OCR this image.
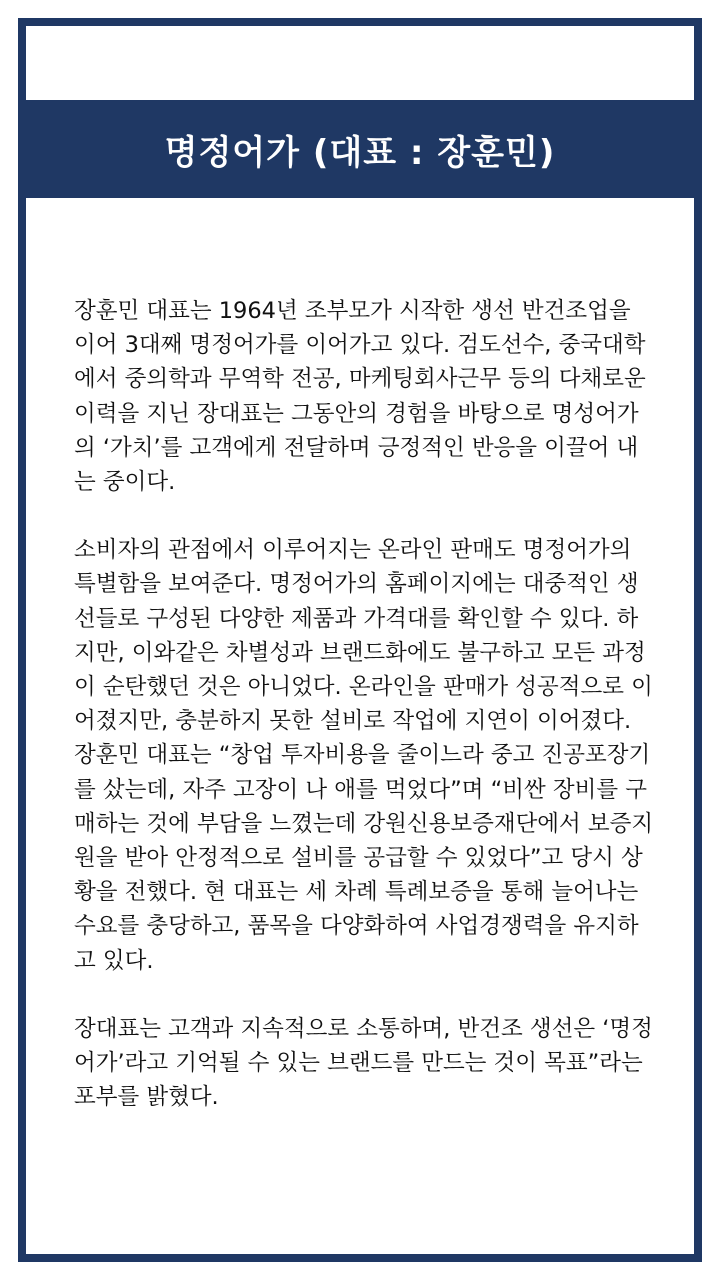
명정어가 (대표 : 장훈민)

장훈민 대표는 1964년 조부모가 시작한 생선 반건조업을 이어 3대째 명정어가를 이어가고 있다. 검도선수, 중국대학에서 중의학과 무역학 전공, 마케팅회사근무 등의 다채로운 이력을 지닌 장대표는 그동안의 경험을 바탕으로 명성어가의 ‘가치’를 고객에게 전달하며 긍정적인 반응을 이끌어 내는 중이다.

소비자의 관점에서 이루어지는 온라인 판매도 명정어가의 특별함을 보여준다. 명정어가의 홈페이지에는 대중적인 생선들로 구성된 다양한 제품과 가격대를 확인할 수 있다. 하지만, 이와같은 차별성과 브랜드화에도 불구하고 모든 과정이 순탄했던 것은 아니었다. 온라인을 판매가 성공적으로 이어졌지만, 충분하지 못한 설비로 작업에 지연이 이어졌다. 장훈민 대표는 “창업 투자비용을 줄이느라 중고 진공포장기를 샀는데, 자주 고장이 나 애를 먹었다”며 “비싼 장비를 구매하는 것에 부담을 느꼈는데 강원신용보증재단에서 보증지원을 받아 안정적으로 설비를 공급할 수 있었다”고 당시 상황을 전했다. 현 대표는 세 차례 특례보증을 통해 늘어나는 수요를 충당하고, 품목을 다양화하여 사업경쟁력을 유지하고 있다.

장대표는 고객과 지속적으로 소통하며, 반건조 생선은 ‘명정어가’라고 기억될 수 있는 브랜드를 만드는 것이 목표”라는 포부를 밝혔다.
